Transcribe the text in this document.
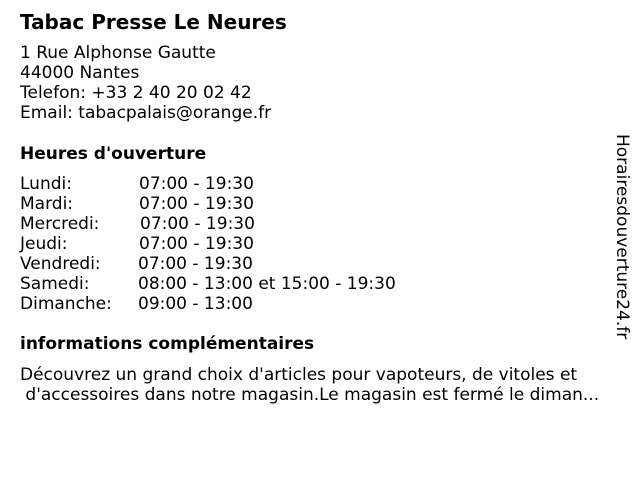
Tabac Presse Le Neures
1 Rue Alphonse Gautte
44000 Nantes
Telefon: +33 2 40 20 02 42
Email: tabacpalais@orange.fr
Heures d'ouverture
Lundi:	07:00 - 19:30
Mardi:	07:00 - 19:30
Mercredi:	07:00 - 19:30
Jeudi:	07:00 - 19:30
Vendredi:	07:00 - 19:30
Samedi:	08:00 - 13:00 et 15:00 - 19:30
Dimanche:	09:00 - 13:00
informations complémentaires
Découvrez un grand choix d'articles pour vapoteurs, de vitoles et
d'accessoires dans notre magasin.Le magasin est fermé le diman...
Horairesdouverture24.fr
